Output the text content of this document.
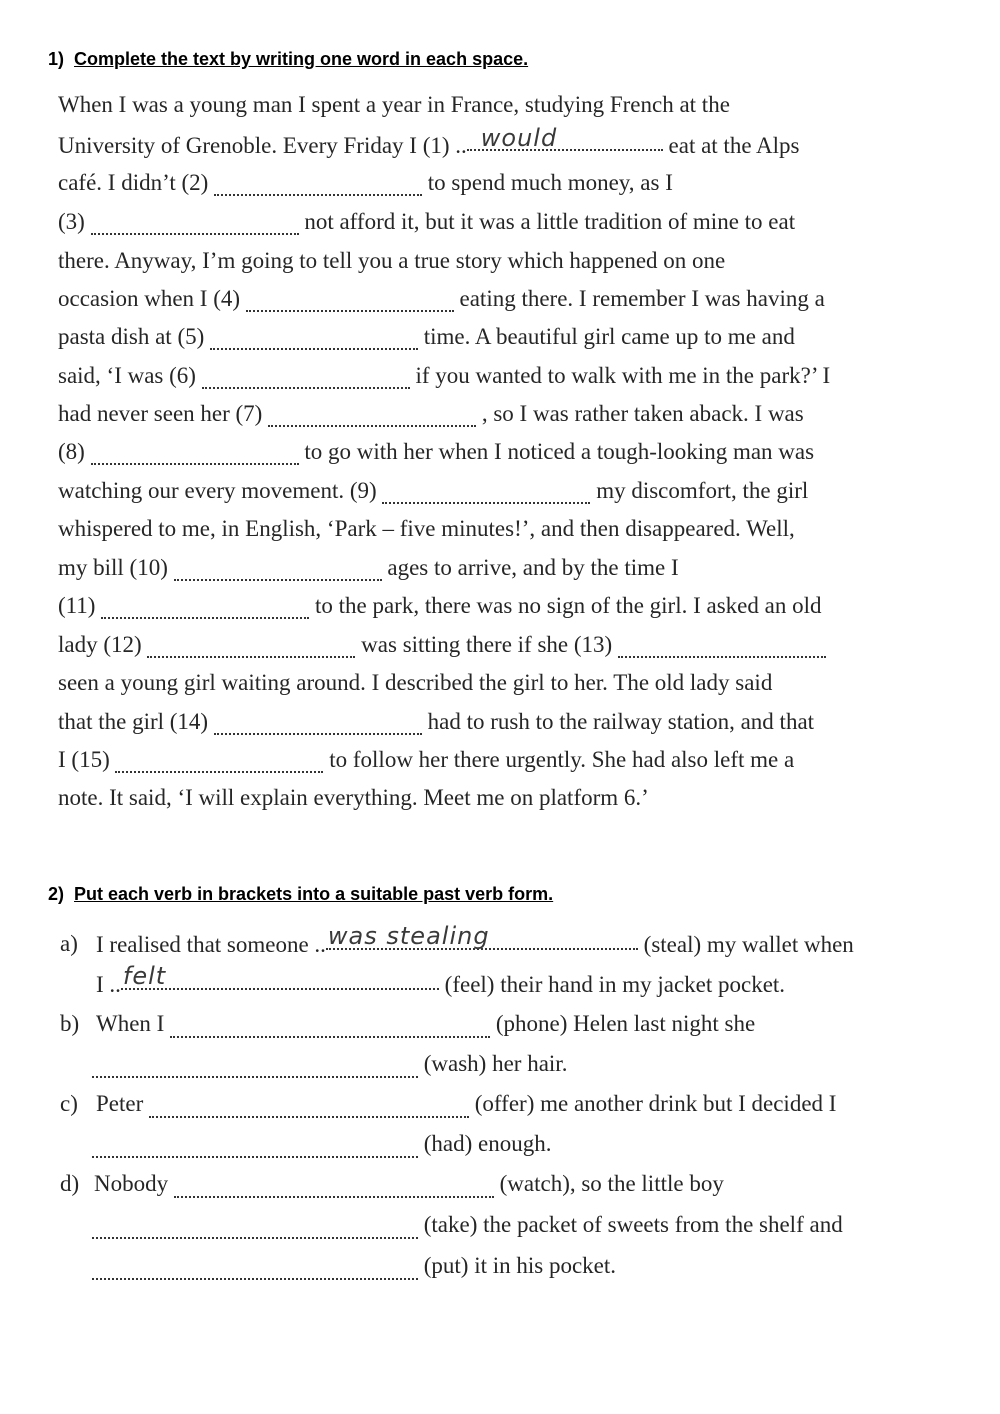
1) Complete the text by writing one word in each space.
When I was a young man I spent a year in France, studying French at the
University of Grenoble. Every Friday I (1) .. would	eat at the Alps
café. I didn’t (2)	to spend much money, as I
(3)	not afford it, but it was a little tradition of mine to eat
there. Anyway, I’m going to tell you a true story which happened on one
occasion when I (4)	eating there. I remember I was having a
pasta dish at (5)	time. A beautiful girl came up to me and
said, ‘I was (6)	if you wanted to walk with me in the park?’ I
had never seen her (7)	, so I was rather taken aback. I was
(8)	to go with her when I noticed a tough-looking man was
watching our every movement. (9)	my discomfort, the girl
whispered to me, in English, ‘Park – five minutes!’, and then disappeared. Well,
my bill (10)	ages to arrive, and by the time I
(11)	to the park, there was no sign of the girl. I asked an old
lady (12)	was sitting there if she (13)
seen a young girl waiting around. I described the girl to her. The old lady said
that the girl (14)	had to rush to the railway station, and that
I (15)	to follow her there urgently. She had also left me a
note. It said, ‘I will explain everything. Meet me on platform 6.’
2) Put each verb in brackets into a suitable past verb form.
a) I realised that someone .. was stealing	(steal) my wallet when
I .. felt	(feel) their hand in my jacket pocket.
b) When I	(phone) Helen last night she
(wash) her hair.
c) Peter	(offer) me another drink but I decided I
(had) enough.
d) Nobody	(watch), so the little boy
(take) the packet of sweets from the shelf and
(put) it in his pocket.
